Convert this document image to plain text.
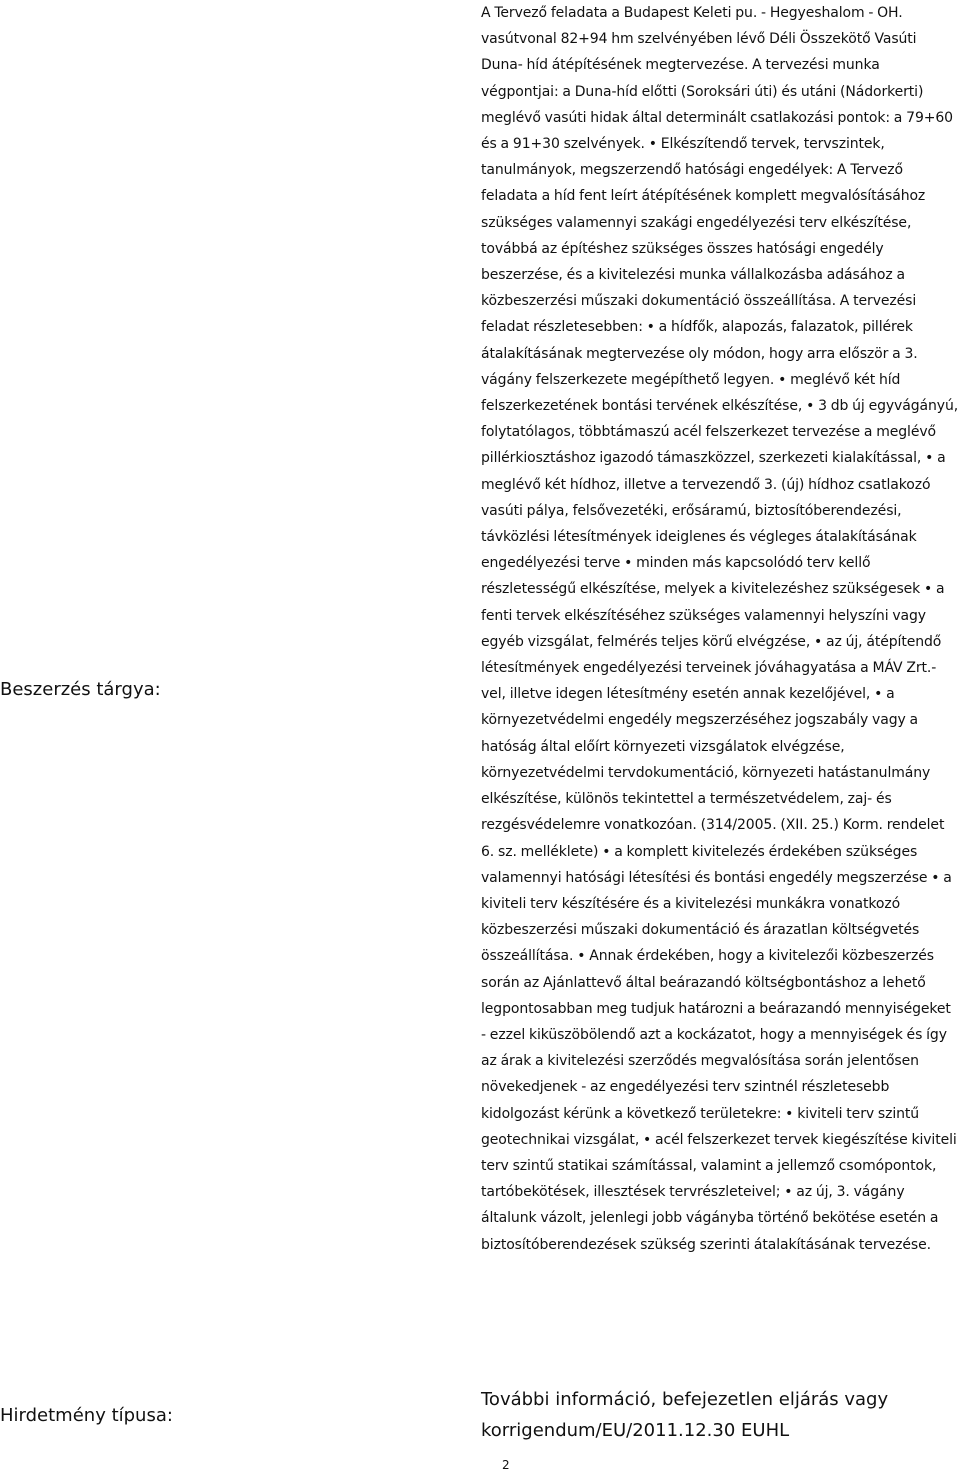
Beszerzés tárgya:
A Tervező feladata a Budapest Keleti pu. - Hegyeshalom - OH. vasútvonal 82+94 hm szelvényében lévő Déli Összekötő Vasúti Duna- híd átépítésének megtervezése. A tervezési munka végpontjai: a Duna-híd előtti (Soroksári úti) és utáni (Nádorkerti) meglévő vasúti hidak által determinált csatlakozási pontok: a 79+60 és a 91+30 szelvények. • Elkészítendő tervek, tervszintek, tanulmányok, megszerzendő hatósági engedélyek: A Tervező feladata a híd fent leírt átépítésének komplett megvalósításához szükséges valamennyi szakági engedélyezési terv elkészítése, továbbá az építéshez szükséges összes hatósági engedély beszerzése, és a kivitelezési munka vállalkozásba adásához a közbeszerzési műszaki dokumentáció összeállítása. A tervezési feladat részletesebben: • a hídfők, alapozás, falazatok, pillérek átalakításának megtervezése oly módon, hogy arra először a 3. vágány felszerkezete megépíthető legyen. • meglévő két híd felszerkezetének bontási tervének elkészítése, • 3 db új egyvágányú, folytatólagos, többtámaszú acél felszerkezet tervezése a meglévő pillérkiosztáshoz igazodó támaszközzel, szerkezeti kialakítással, • a meglévő két hídhoz, illetve a tervezendő 3. (új) hídhoz csatlakozó vasúti pálya, felsővezetéki, erősáramú, biztosítóberendezési, távközlési létesítmények ideiglenes és végleges átalakításának engedélyezési terve • minden más kapcsolódó terv kellő részletességű elkészítése, melyek a kivitelezéshez szükségesek • a fenti tervek elkészítéséhez szükséges valamennyi helyszíni vagy egyéb vizsgálat, felmérés teljes körű elvégzése, • az új, átépítendő létesítmények engedélyezési terveinek jóváhagyatása a MÁV Zrt.-vel, illetve idegen létesítmény esetén annak kezelőjével, • a környezetvédelmi engedély megszerzéséhez jogszabály vagy a hatóság által előírt környezeti vizsgálatok elvégzése, környezetvédelmi tervdokumentáció, környezeti hatástanulmány elkészítése, különös tekintettel a természetvédelem, zaj- és rezgésvédelemre vonatkozóan. (314/2005. (XII. 25.) Korm. rendelet 6. sz. melléklete) • a komplett kivitelezés érdekében szükséges valamennyi hatósági létesítési és bontási engedély megszerzése • a kiviteli terv készítésére és a kivitelezési munkákra vonatkozó közbeszerzési műszaki dokumentáció és árazatlan költségvetés összeállítása. • Annak érdekében, hogy a kivitelezői közbeszerzés során az Ajánlattevő által beárazandó költségbontáshoz a lehető legpontosabban meg tudjuk határozni a beárazandó mennyiségeket - ezzel kiküszöbölendő azt a kockázatot, hogy a mennyiségek és így az árak a kivitelezési szerződés megvalósítása során jelentősen növekedjenek - az engedélyezési terv szintnél részletesebb kidolgozást kérünk a következő területekre: • kiviteli terv szintű geotechnikai vizsgálat, • acél felszerkezet tervek kiegészítése kiviteli terv szintű statikai számítással, valamint a jellemző csomópontok, tartóbekötések, illesztések tervrészleteivel; • az új, 3. vágány általunk vázolt, jelenlegi jobb vágányba történő bekötése esetén a biztosítóberendezések szükség szerinti átalakításának tervezése.
Hirdetmény típusa:
További információ, befejezetlen eljárás vagy korrigendum/EU/2011.12.30 EUHL
2
